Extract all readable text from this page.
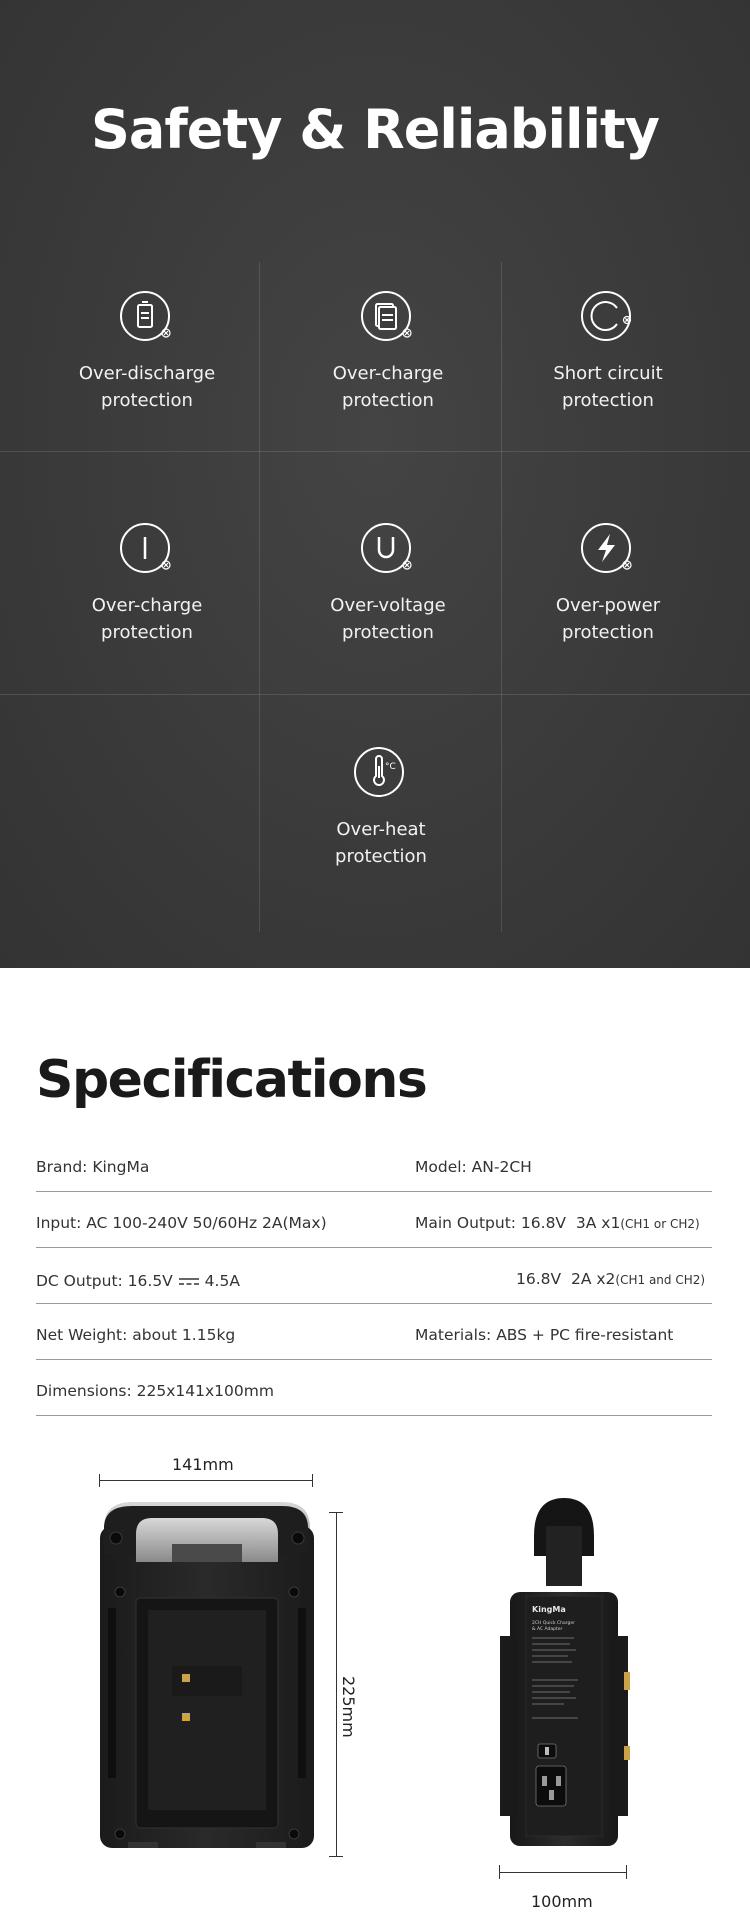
Safety & Reliability
Over-discharge
protection
Over-charge
protection
Short circuit
protection
Over-charge
protection
Over-voltage
protection
Over-power
protection
°C
Over-heat
protection
Specifications
Brand: KingMa	Model: AN-2CH
Input: AC 100-240V 50/60Hz 2A(Max)	Main Output: 16.8V  3A x1(CH1 or CH2)
DC Output: 16.5V 4.5A	16.8V  2A x2(CH1 and CH2)
Net Weight: about 1.15kg	Materials: ABS + PC fire-resistant
Dimensions: 225x141x100mm
141mm
225mm
KingMa
2CH Quick Charger
& AC Adapter
100mm
